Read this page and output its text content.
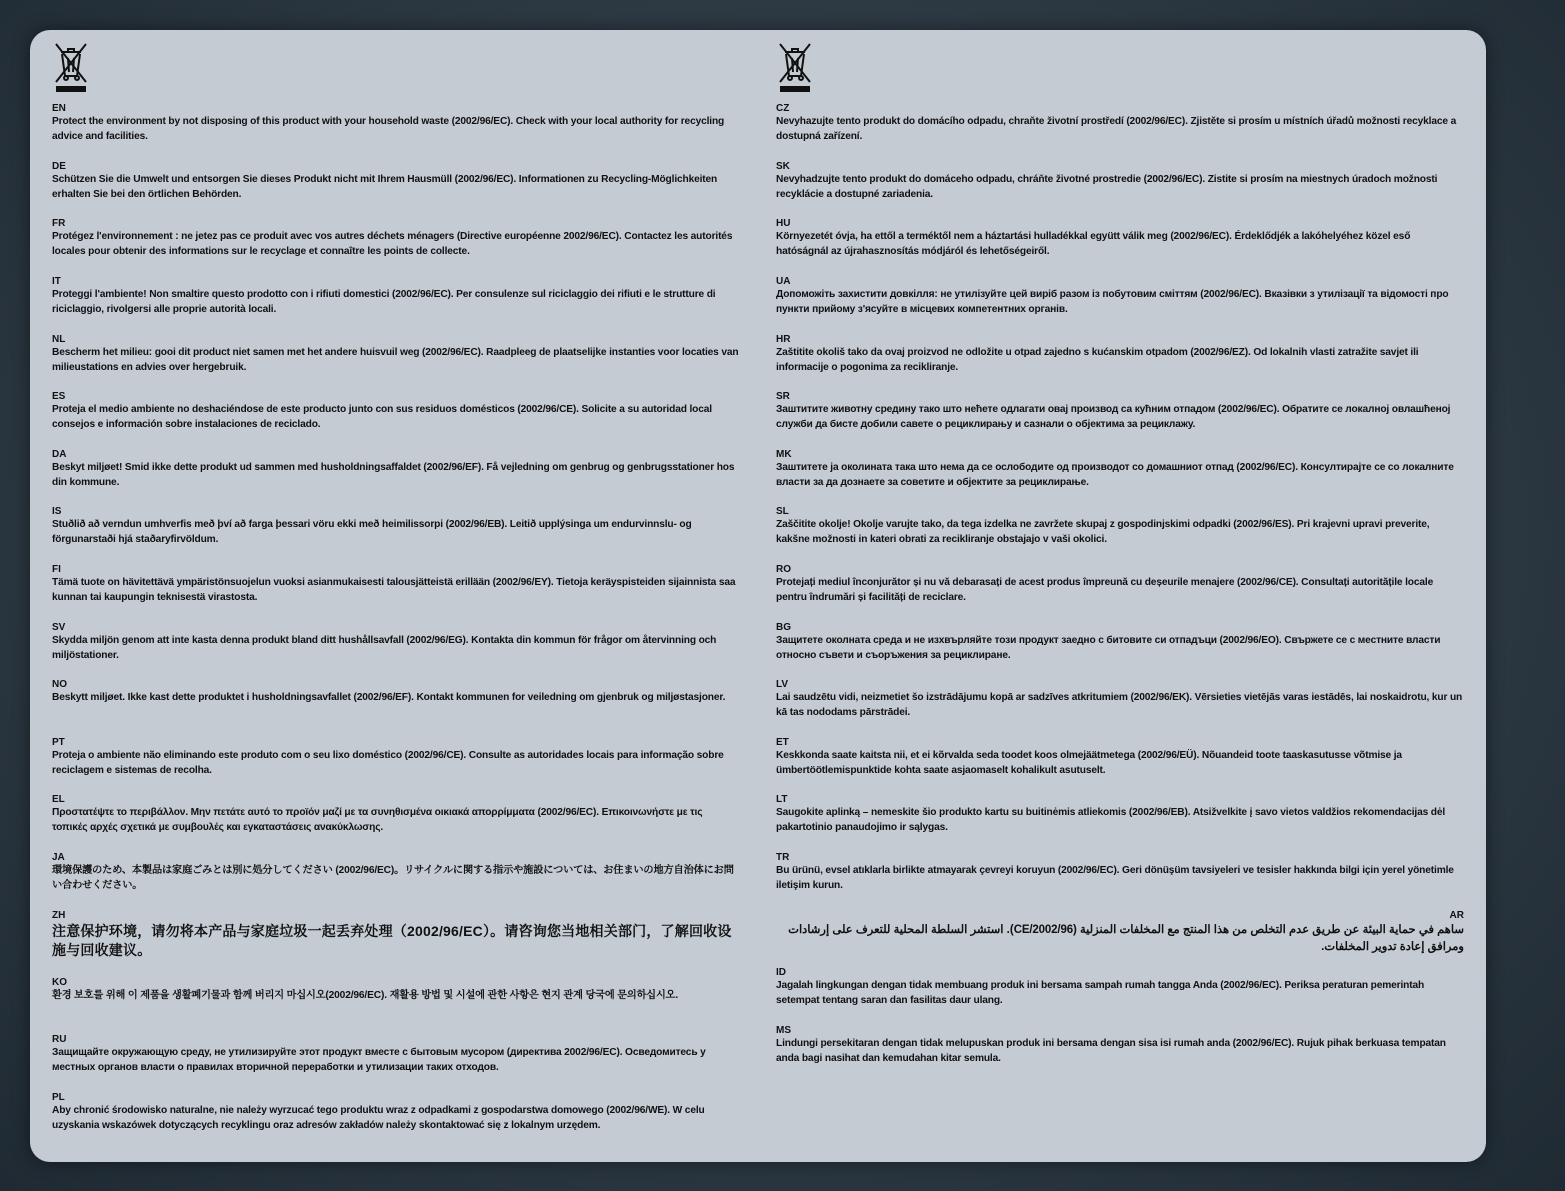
EN
Protect the environment by not disposing of this product with your household waste (2002/96/EC). Check with your local authority for recycling advice and facilities.
DE
Schützen Sie die Umwelt und entsorgen Sie dieses Produkt nicht mit Ihrem Hausmüll (2002/96/EC). Informationen zu Recycling-Möglichkeiten erhalten Sie bei den örtlichen Behörden.
FR
Protégez l'environnement : ne jetez pas ce produit avec vos autres déchets ménagers (Directive européenne 2002/96/EC). Contactez les autorités locales pour obtenir des informations sur le recyclage et connaître les points de collecte.
IT
Proteggi l'ambiente! Non smaltire questo prodotto con i rifiuti domestici (2002/96/EC). Per consulenze sul riciclaggio dei rifiuti e le strutture di riciclaggio, rivolgersi alle proprie autorità locali.
NL
Bescherm het milieu: gooi dit product niet samen met het andere huisvuil weg (2002/96/EC). Raadpleeg de plaatselijke instanties voor locaties van milieustations en advies over hergebruik.
ES
Proteja el medio ambiente no deshaciéndose de este producto junto con sus residuos domésticos (2002/96/CE). Solicite a su autoridad local consejos e información sobre instalaciones de reciclado.
DA
Beskyt miljøet! Smid ikke dette produkt ud sammen med husholdningsaffaldet (2002/96/EF). Få vejledning om genbrug og genbrugsstationer hos din kommune.
IS
Stuðlið að verndun umhverfis með því að farga þessari vöru ekki með heimilissorpi (2002/96/EB). Leitið upplýsinga um endurvinnslu- og förgunarstaði hjá staðaryfirvöldum.
FI
Tämä tuote on hävitettävä ympäristönsuojelun vuoksi asianmukaisesti talousjätteistä erillään (2002/96/EY). Tietoja keräyspisteiden sijainnista saa kunnan tai kaupungin teknisestä virastosta.
SV
Skydda miljön genom att inte kasta denna produkt bland ditt hushållsavfall (2002/96/EG). Kontakta din kommun för frågor om återvinning och miljöstationer.
NO
Beskytt miljøet. Ikke kast dette produktet i husholdningsavfallet (2002/96/EF). Kontakt kommunen for veiledning om gjenbruk og miljøstasjoner.
PT
Proteja o ambiente não eliminando este produto com o seu lixo doméstico (2002/96/CE). Consulte as autoridades locais para informação sobre reciclagem e sistemas de recolha.
EL
Προστατέψτε το περιβάλλον. Μην πετάτε αυτό το προϊόν μαζί με τα συνηθισμένα οικιακά απορρίμματα (2002/96/EC). Επικοινωνήστε με τις τοπικές αρχές σχετικά με συμβουλές και εγκαταστάσεις ανακύκλωσης.
JA
環境保護のため、本製品は家庭ごみとは別に処分してください (2002/96/EC)。リサイクルに関する指示や施設については、お住まいの地方自治体にお問い合わせください。
ZH
注意保护环境，请勿将本产品与家庭垃圾一起丢弃处理（2002/96/EC）。请咨询您当地相关部门，了解回收设施与回收建议。
KO
환경 보호를 위해 이 제품을 생활폐기물과 함께 버리지 마십시오(2002/96/EC). 재활용 방법 및 시설에 관한 사항은 현지 관계 당국에 문의하십시오.
RU
Защищайте окружающую среду, не утилизируйте этот продукт вместе с бытовым мусором (директива 2002/96/EC). Осведомитесь у местных органов власти о правилах вторичной переработки и утилизации таких отходов.
PL
Aby chronić środowisko naturalne, nie należy wyrzucać tego produktu wraz z odpadkami z gospodarstwa domowego (2002/96/WE). W celu uzyskania wskazówek dotyczących recyklingu oraz adresów zakładów należy skontaktować się z lokalnym urzędem.
CZ
Nevyhazujte tento produkt do domácího odpadu, chraňte životní prostředí (2002/96/EC). Zjistěte si prosím u místních úřadů možnosti recyklace a dostupná zařízení.
SK
Nevyhadzujte tento produkt do domáceho odpadu, chráňte životné prostredie (2002/96/EC). Zistite si prosím na miestnych úradoch možnosti recyklácie a dostupné zariadenia.
HU
Környezetét óvja, ha ettől a terméktől nem a háztartási hulladékkal együtt válik meg (2002/96/EC). Érdeklődjék a lakóhelyéhez közel eső hatóságnál az újrahasznosítás módjáról és lehetőségeiről.
UA
Допоможіть захистити довкілля: не утилізуйте цей виріб разом із побутовим сміттям (2002/96/EC). Вказівки з утилізації та відомості про пункти прийому з'ясуйте в місцевих компетентних органів.
HR
Zaštitite okoliš tako da ovaj proizvod ne odložite u otpad zajedno s kućanskim otpadom (2002/96/EZ). Od lokalnih vlasti zatražite savjet ili informacije o pogonima za recikliranje.
SR
Заштитите животну средину тако што нећете одлагати овај производ са кућним отпадом (2002/96/EC). Обратите се локалној овлашћеној служби да бисте добили савете о рециклирању и сазнали о објектима за рециклажу.
MK
Заштитете ја околината така што нема да се ослободите од производот со домашниот отпад (2002/96/EC). Консултирајте се со локалните власти за да дознаете за советите и објектите за рециклирање.
SL
Zaščitite okolje! Okolje varujte tako, da tega izdelka ne zavržete skupaj z gospodinjskimi odpadki (2002/96/ES). Pri krajevni upravi preverite, kakšne možnosti in kateri obrati za recikliranje obstajajo v vaši okolici.
RO
Protejați mediul înconjurător și nu vă debarasați de acest produs împreună cu deșeurile menajere (2002/96/CE). Consultați autoritățile locale pentru îndrumări și facilități de reciclare.
BG
Защитете околната среда и не изхвърляйте този продукт заедно с битовите си отпадъци (2002/96/EO). Свържете се с местните власти относно съвети и съоръжения за рециклиране.
LV
Lai saudzētu vidi, neizmetiet šo izstrādājumu kopā ar sadzīves atkritumiem (2002/96/EK). Vērsieties vietējās varas iestādēs, lai noskaidrotu, kur un kā tas nododams pārstrādei.
ET
Keskkonda saate kaitsta nii, et ei kõrvalda seda toodet koos olmejäätmetega (2002/96/EÜ). Nõuandeid toote taaskasutusse võtmise ja ümbertöötlemispunktide kohta saate asjaomaselt kohalikult asutuselt.
LT
Saugokite aplinką – nemeskite šio produkto kartu su buitinėmis atliekomis (2002/96/EB). Atsižvelkite į savo vietos valdžios rekomendacijas dėl pakartotinio panaudojimo ir sąlygas.
TR
Bu ürünü, evsel atıklarla birlikte atmayarak çevreyi koruyun (2002/96/EC). Geri dönüşüm tavsiyeleri ve tesisler hakkında bilgi için yerel yönetimle iletişim kurun.
AR
ساهم في حماية البيئة عن طريق عدم التخلص من هذا المنتج مع المخلفات المنزلية (CE/2002/96). استشر السلطة المحلية للتعرف على إرشادات ومرافق إعادة تدوير المخلفات.
ID
Jagalah lingkungan dengan tidak membuang produk ini bersama sampah rumah tangga Anda (2002/96/EC). Periksa peraturan pemerintah setempat tentang saran dan fasilitas daur ulang.
MS
Lindungi persekitaran dengan tidak melupuskan produk ini bersama dengan sisa isi rumah anda (2002/96/EC). Rujuk pihak berkuasa tempatan anda bagi nasihat dan kemudahan kitar semula.
